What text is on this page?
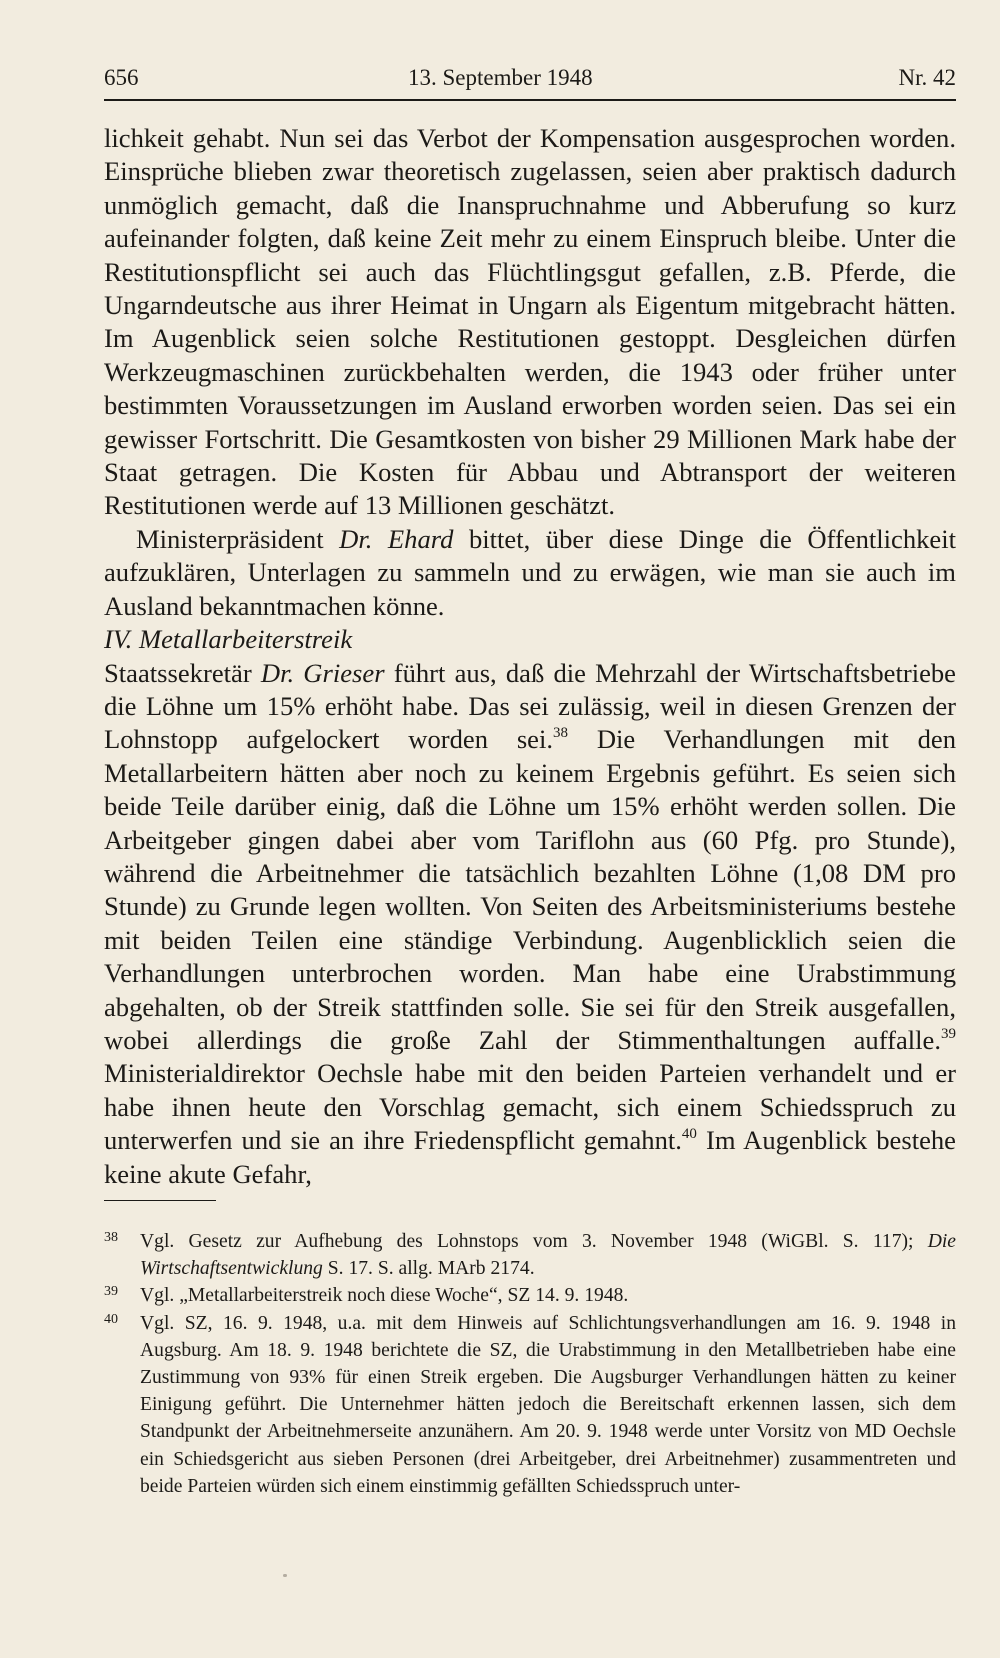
656	13. September 1948	Nr. 42

lichkeit gehabt. Nun sei das Verbot der Kompensation ausgesprochen worden. Einsprüche blieben zwar theoretisch zugelassen, seien aber praktisch dadurch unmöglich gemacht, daß die Inanspruchnahme und Abberufung so kurz aufeinander folgten, daß keine Zeit mehr zu einem Einspruch bleibe. Unter die Restitutionspflicht sei auch das Flüchtlingsgut gefallen, z.B. Pferde, die Ungarndeutsche aus ihrer Heimat in Ungarn als Eigentum mitgebracht hätten. Im Augenblick seien solche Restitutionen gestoppt. Desgleichen dürfen Werkzeugmaschinen zurückbehalten werden, die 1943 oder früher unter bestimmten Voraussetzungen im Ausland erworben worden seien. Das sei ein gewisser Fortschritt. Die Gesamtkosten von bisher 29 Millionen Mark habe der Staat getragen. Die Kosten für Abbau und Abtransport der weiteren Restitutionen werde auf 13 Millionen geschätzt.

Ministerpräsident Dr. Ehard bittet, über diese Dinge die Öffentlichkeit aufzuklären, Unterlagen zu sammeln und zu erwägen, wie man sie auch im Ausland bekanntmachen könne.

IV. Metallarbeiterstreik

Staatssekretär Dr. Grieser führt aus, daß die Mehrzahl der Wirtschaftsbetriebe die Löhne um 15% erhöht habe. Das sei zulässig, weil in diesen Grenzen der Lohnstopp aufgelockert worden sei.$^{38}$ Die Verhandlungen mit den Metallarbeitern hätten aber noch zu keinem Ergebnis geführt. Es seien sich beide Teile darüber einig, daß die Löhne um 15% erhöht werden sollen. Die Arbeitgeber gingen dabei aber vom Tariflohn aus (60 Pfg. pro Stunde), während die Arbeitnehmer die tatsächlich bezahlten Löhne (1,08 DM pro Stunde) zu Grunde legen wollten. Von Seiten des Arbeitsministeriums bestehe mit beiden Teilen eine ständige Verbindung. Augenblicklich seien die Verhandlungen unterbrochen worden. Man habe eine Urabstimmung abgehalten, ob der Streik stattfinden solle. Sie sei für den Streik ausgefallen, wobei allerdings die große Zahl der Stimmenthaltungen auffalle.$^{39}$ Ministerialdirektor Oechsle habe mit den beiden Parteien verhandelt und er habe ihnen heute den Vorschlag gemacht, sich einem Schiedsspruch zu unterwerfen und sie an ihre Friedenspflicht gemahnt.$^{40}$ Im Augenblick bestehe keine akute Gefahr,

38 Vgl. Gesetz zur Aufhebung des Lohnstops vom 3. November 1948 (WiGBl. S. 117); Die Wirtschaftsentwicklung S. 17. S. allg. MArb 2174.
39 Vgl. „Metallarbeiterstreik noch diese Woche“, SZ 14. 9. 1948.
40 Vgl. SZ, 16. 9. 1948, u.a. mit dem Hinweis auf Schlichtungsverhandlungen am 16. 9. 1948 in Augsburg. Am 18. 9. 1948 berichtete die SZ, die Urabstimmung in den Metallbetrieben habe eine Zustimmung von 93% für einen Streik ergeben. Die Augsburger Verhandlungen hätten zu keiner Einigung geführt. Die Unternehmer hätten jedoch die Bereitschaft erkennen lassen, sich dem Standpunkt der Arbeitnehmerseite anzunähern. Am 20. 9. 1948 werde unter Vorsitz von MD Oechsle ein Schiedsgericht aus sieben Personen (drei Arbeitgeber, drei Arbeitnehmer) zusammentreten und beide Parteien würden sich einem einstimmig gefällten Schiedsspruch unter-
